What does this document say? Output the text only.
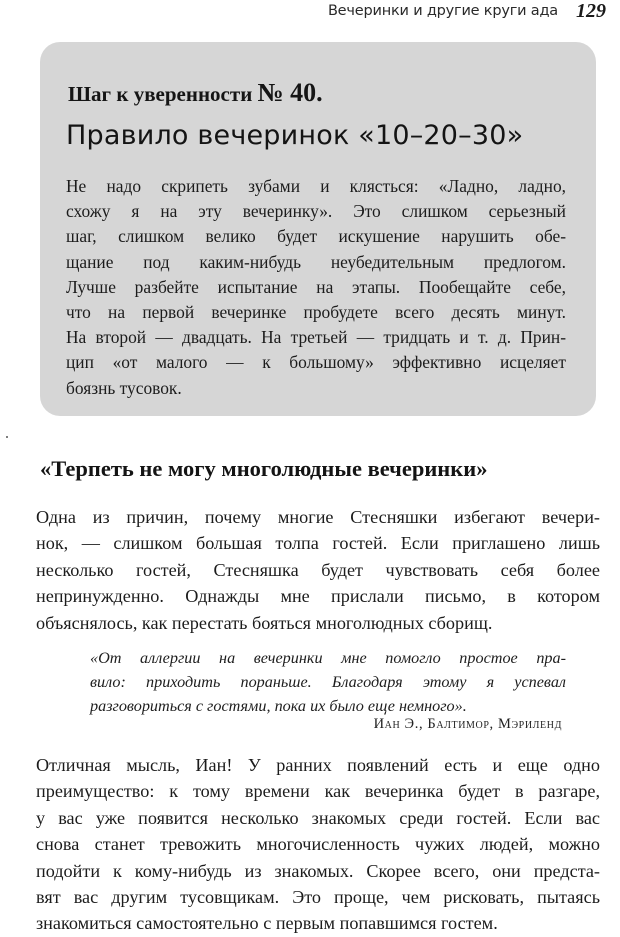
Вечеринки и другие круги ада 129
Шаг к уверенности № 40.
Правило вечеринок «10–20–30»
Не надо скрипеть зубами и клясться: «Ладно, ладно,
схожу я на эту вечеринку». Это слишком серьезный
шаг, слишком велико будет искушение нарушить обе-
щание под каким-нибудь неубедительным предлогом.
Лучше разбейте испытание на этапы. Пообещайте себе,
что на первой вечеринке пробудете всего десять минут.
На второй — двадцать. На третьей — тридцать и т. д. Прин-
цип «от малого — к большому» эффективно исцеляет
боязнь тусовок.
«Терпеть не могу многолюдные вечеринки»
Одна из причин, почему многие Стесняшки избегают вечери-
нок, — слишком большая толпа гостей. Если приглашено лишь
несколько гостей, Стесняшка будет чувствовать себя более
непринужденно. Однажды мне прислали письмо, в котором
объяснялось, как перестать бояться многолюдных сборищ.
«От аллергии на вечеринки мне помогло простое пра-
вило: приходить пораньше. Благодаря этому я успевал
разговориться с гостями, пока их было еще немного».
Иан Э., Балтимор, Мэриленд
Отличная мысль, Иан! У ранних появлений есть и еще одно
преимущество: к тому времени как вечеринка будет в разгаре,
у вас уже появится несколько знакомых среди гостей. Если вас
снова станет тревожить многочисленность чужих людей, можно
подойти к кому-нибудь из знакомых. Скорее всего, они предста-
вят вас другим тусовщикам. Это проще, чем рисковать, пытаясь
знакомиться самостоятельно с первым попавшимся гостем.
